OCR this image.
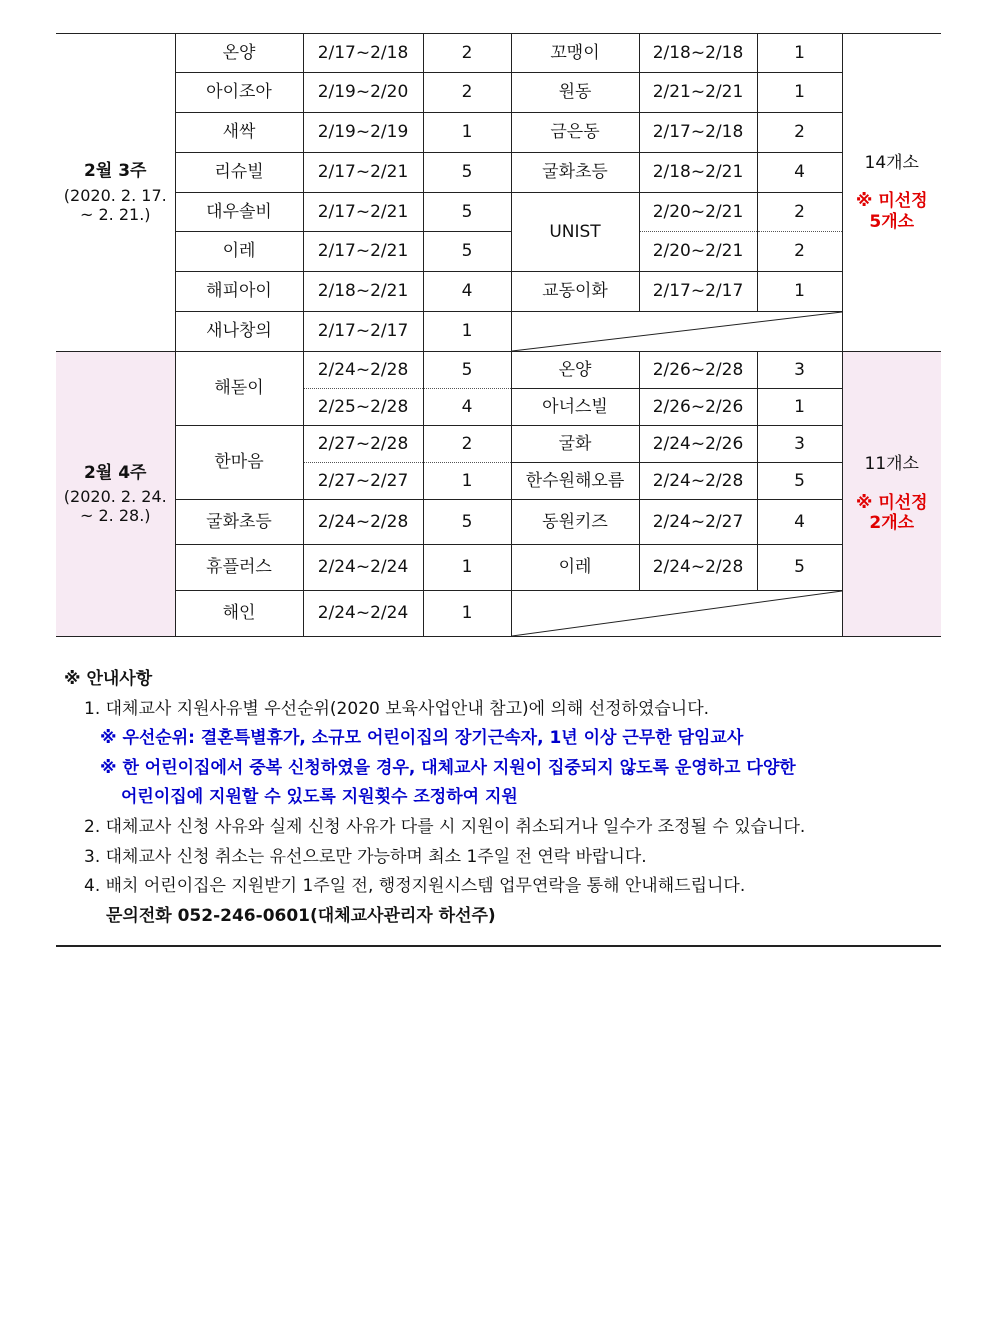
2월 3주
(2020. 2. 17.
~ 2. 21.)	온양	2/17~2/18	2	꼬맹이	2/18~2/18	1	14개소
※ 미선정
5개소

	아이조아	2/19~2/20	2	원동	2/21~2/21	1	
	새싹	2/19~2/19	1	금은동	2/17~2/18	2	
	리슈빌	2/17~2/21	5	굴화초등	2/18~2/21	4	
	대우솔비	2/17~2/21	5	UNIST	2/20~2/21	2	
	이레	2/17~2/21	5		2/20~2/21	2	
	해피아이	2/18~2/21	4	교동이화	2/17~2/17	1	
	새나창의	2/17~2/17	1	

2월 4주
(2020. 2. 24.
~ 2. 28.)	해돋이	2/24~2/28	5	온양	2/26~2/28	3	11개소
※ 미선정
2개소

		2/25~2/28	4	아너스빌	2/26~2/26	1	
	한마음	2/27~2/28	2	굴화	2/24~2/26	3	
		2/27~2/27	1	한수원해오름	2/24~2/28	5	
	굴화초등	2/24~2/28	5	동원키즈	2/24~2/27	4	
	휴플러스	2/24~2/24	1	이레	2/24~2/28	5	
	해인	2/24~2/24	1	
※ 안내사항
1. 대체교사 지원사유별 우선순위(2020 보육사업안내 참고)에 의해 선정하였습니다.
※ 우선순위: 결혼특별휴가, 소규모 어린이집의 장기근속자, 1년 이상 근무한 담임교사
※ 한 어린이집에서 중복 신청하였을 경우, 대체교사 지원이 집중되지 않도록 운영하고 다양한
어린이집에 지원할 수 있도록 지원횟수 조정하여 지원
2. 대체교사 신청 사유와 실제 신청 사유가 다를 시 지원이 취소되거나 일수가 조정될 수 있습니다.
3. 대체교사 신청 취소는 유선으로만 가능하며 최소 1주일 전 연락 바랍니다.
4. 배치 어린이집은 지원받기 1주일 전, 행정지원시스템 업무연락을 통해 안내해드립니다.
문의전화 052-246-0601(대체교사관리자 하선주)
